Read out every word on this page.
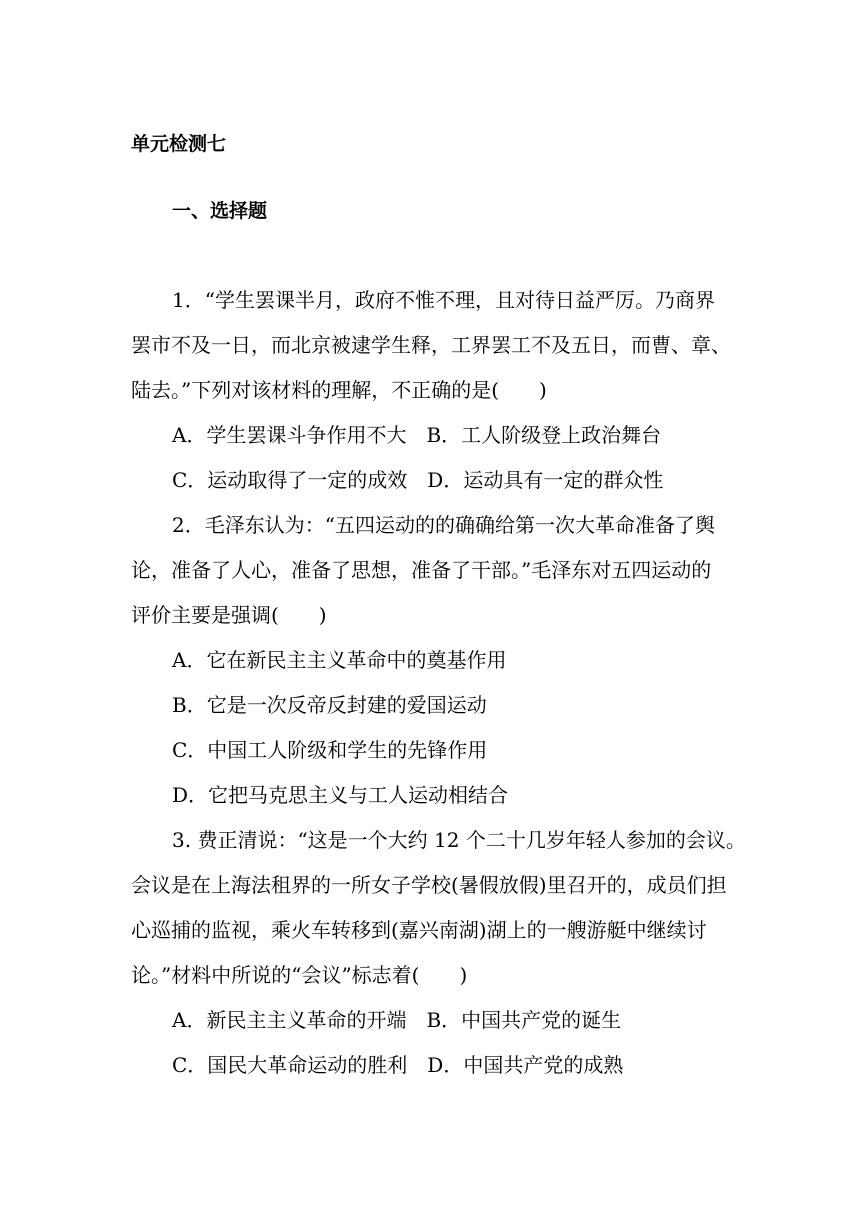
单元检测七
一、选择题
1．“学生罢课半月，政府不惟不理，且对待日益严厉。乃商界
罢市不及一日，而北京被逮学生释，工界罢工不及五日，而曹、章、
陆去。”下列对该材料的理解，不正确的是(　　)
A．学生罢课斗争作用不大　B．工人阶级登上政治舞台
C．运动取得了一定的成效　D．运动具有一定的群众性
2．毛泽东认为：“五四运动的的确确给第一次大革命准备了舆
论，准备了人心，准备了思想，准备了干部。”毛泽东对五四运动的
评价主要是强调(　　)
A．它在新民主主义革命中的奠基作用
B．它是一次反帝反封建的爱国运动
C．中国工人阶级和学生的先锋作用
D．它把马克思主义与工人运动相结合
3. 费正清说：“这是一个大约 12 个二十几岁年轻人参加的会议。
会议是在上海法租界的一所女子学校(暑假放假)里召开的，成员们担
心巡捕的监视，乘火车转移到(嘉兴南湖)湖上的一艘游艇中继续讨
论。”材料中所说的“会议”标志着(　　)
A．新民主主义革命的开端　B．中国共产党的诞生
C．国民大革命运动的胜利　D．中国共产党的成熟
